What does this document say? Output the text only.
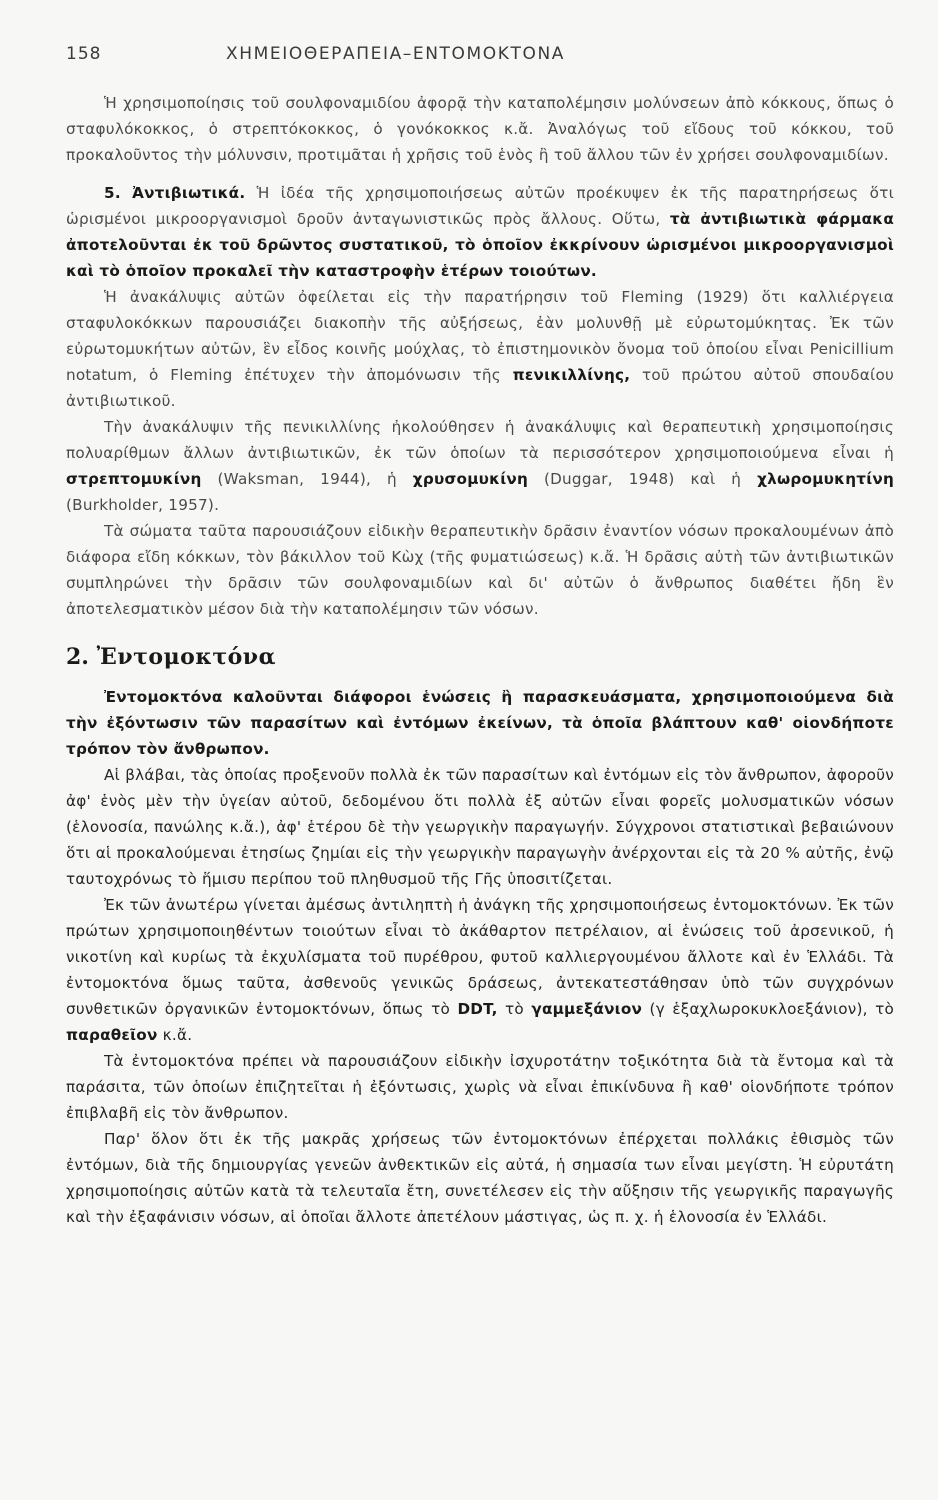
158	ΧΗΜΕΙΟΘΕΡΑΠΕΙΑ–ΕΝΤΟΜΟΚΤΟΝΑ

Ἡ χρησιμοποίησις τοῦ σουλφοναμιδίου ἀφορᾷ τὴν καταπολέμησιν μολύνσεων ἀπὸ κόκκους, ὅπως ὁ σταφυλόκοκκος, ὁ στρεπτόκοκκος, ὁ γονόκοκκος κ.ἄ. Ἀναλόγως τοῦ εἴδους τοῦ κόκκου, τοῦ προκαλοῦντος τὴν μόλυνσιν, προτιμᾶται ἡ χρῆσις τοῦ ἑνὸς ἢ τοῦ ἄλλου τῶν ἐν χρήσει σουλφοναμιδίων.

5. Ἀντιβιωτικά. Ἡ ἰδέα τῆς χρησιμοποιήσεως αὐτῶν προέκυψεν ἐκ τῆς παρατηρήσεως ὅτι ὡρισμένοι μικροοργανισμοὶ δροῦν ἀνταγωνιστικῶς πρὸς ἄλλους. Οὕτω, τὰ ἀντιβιωτικὰ φάρμακα ἀποτελοῦνται ἐκ τοῦ δρῶντος συστατικοῦ, τὸ ὁποῖον ἐκκρίνουν ὡρισμένοι μικροοργανισμοὶ καὶ τὸ ὁποῖον προκαλεῖ τὴν καταστροφὴν ἑτέρων τοιούτων.

Ἡ ἀνακάλυψις αὐτῶν ὀφείλεται εἰς τὴν παρατήρησιν τοῦ Fleming (1929) ὅτι καλλιέργεια σταφυλοκόκκων παρουσιάζει διακοπὴν τῆς αὐξήσεως, ἐὰν μολυνθῇ μὲ εὐρωτομύκητας. Ἐκ τῶν εὐρωτομυκήτων αὐτῶν, ἓν εἶδος κοινῆς μούχλας, τὸ ἐπιστημονικὸν ὄνομα τοῦ ὁποίου εἶναι Penicillium notatum, ὁ Fleming ἐπέτυχεν τὴν ἀπομόνωσιν τῆς πενικιλλίνης, τοῦ πρώτου αὐτοῦ σπουδαίου ἀντιβιωτικοῦ.

Τὴν ἀνακάλυψιν τῆς πενικιλλίνης ἠκολούθησεν ἡ ἀνακάλυψις καὶ θεραπευτικὴ χρησιμοποίησις πολυαρίθμων ἄλλων ἀντιβιωτικῶν, ἐκ τῶν ὁποίων τὰ περισσότερον χρησιμοποιούμενα εἶναι ἡ στρεπτομυκίνη (Waksman, 1944), ἡ χρυσομυκίνη (Duggar, 1948) καὶ ἡ χλωρομυκητίνη (Burkholder, 1957).

Τὰ σώματα ταῦτα παρουσιάζουν εἰδικὴν θεραπευτικὴν δρᾶσιν ἐναντίον νόσων προκαλουμένων ἀπὸ διάφορα εἴδη κόκκων, τὸν βάκιλλον τοῦ Κὼχ (τῆς φυματιώσεως) κ.ἄ. Ἡ δρᾶσις αὐτὴ τῶν ἀντιβιωτικῶν συμπληρώνει τὴν δρᾶσιν τῶν σουλφοναμιδίων καὶ δι' αὐτῶν ὁ ἄνθρωπος διαθέτει ἤδη ἓν ἀποτελεσματικὸν μέσον διὰ τὴν καταπολέμησιν τῶν νόσων.

2. Ἐντομοκτόνα

Ἐντομοκτόνα καλοῦνται διάφοροι ἑνώσεις ἢ παρασκευάσματα, χρησιμοποιούμενα διὰ τὴν ἐξόντωσιν τῶν παρασίτων καὶ ἐντόμων ἐκείνων, τὰ ὁποῖα βλάπτουν καθ' οἱονδήποτε τρόπον τὸν ἄνθρωπον.

Αἱ βλάβαι, τὰς ὁποίας προξενοῦν πολλὰ ἐκ τῶν παρασίτων καὶ ἐντόμων εἰς τὸν ἄνθρωπον, ἀφοροῦν ἀφ' ἑνὸς μὲν τὴν ὑγείαν αὐτοῦ, δεδομένου ὅτι πολλὰ ἐξ αὐτῶν εἶναι φορεῖς μολυσματικῶν νόσων (ἑλονοσία, πανώλης κ.ἄ.), ἀφ' ἑτέρου δὲ τὴν γεωργικὴν παραγωγήν. Σύγχρονοι στατιστικαὶ βεβαιώνουν ὅτι αἱ προκαλούμεναι ἐτησίως ζημίαι εἰς τὴν γεωργικὴν παραγωγὴν ἀνέρχονται εἰς τὰ 20 % αὐτῆς, ἐνῷ ταυτοχρόνως τὸ ἥμισυ περίπου τοῦ πληθυσμοῦ τῆς Γῆς ὑποσιτίζεται.

Ἐκ τῶν ἀνωτέρω γίνεται ἀμέσως ἀντιληπτὴ ἡ ἀνάγκη τῆς χρησιμοποιήσεως ἐντομοκτόνων. Ἐκ τῶν πρώτων χρησιμοποιηθέντων τοιούτων εἶναι τὸ ἀκάθαρτον πετρέλαιον, αἱ ἑνώσεις τοῦ ἀρσενικοῦ, ἡ νικοτίνη καὶ κυρίως τὰ ἐκχυλίσματα τοῦ πυρέθρου, φυτοῦ καλλιεργουμένου ἄλλοτε καὶ ἐν Ἑλλάδι. Τὰ ἐντομοκτόνα ὅμως ταῦτα, ἀσθενοῦς γενικῶς δράσεως, ἀντεκατεστάθησαν ὑπὸ τῶν συγχρόνων συνθετικῶν ὀργανικῶν ἐντομοκτόνων, ὅπως τὸ DDT, τὸ γαμμεξάνιον (γ ἑξαχλωροκυκλοεξάνιον), τὸ παραθεῖον κ.ἄ.

Τὰ ἐντομοκτόνα πρέπει νὰ παρουσιάζουν εἰδικὴν ἰσχυροτάτην τοξικότητα διὰ τὰ ἔντομα καὶ τὰ παράσιτα, τῶν ὁποίων ἐπιζητεῖται ἡ ἐξόντωσις, χωρὶς νὰ εἶναι ἐπικίνδυνα ἢ καθ' οἱονδήποτε τρόπον ἐπιβλαβῆ εἰς τὸν ἄνθρωπον.

Παρ' ὅλον ὅτι ἐκ τῆς μακρᾶς χρήσεως τῶν ἐντομοκτόνων ἐπέρχεται πολλάκις ἐθισμὸς τῶν ἐντόμων, διὰ τῆς δημιουργίας γενεῶν ἀνθεκτικῶν εἰς αὐτά, ἡ σημασία των εἶναι μεγίστη. Ἡ εὐρυτάτη χρησιμοποίησις αὐτῶν κατὰ τὰ τελευταῖα ἔτη, συνετέλεσεν εἰς τὴν αὔξησιν τῆς γεωργικῆς παραγωγῆς καὶ τὴν ἐξαφάνισιν νόσων, αἱ ὁποῖαι ἄλλοτε ἀπετέλουν μάστιγας, ὡς π. χ. ἡ ἑλονοσία ἐν Ἑλλάδι.
